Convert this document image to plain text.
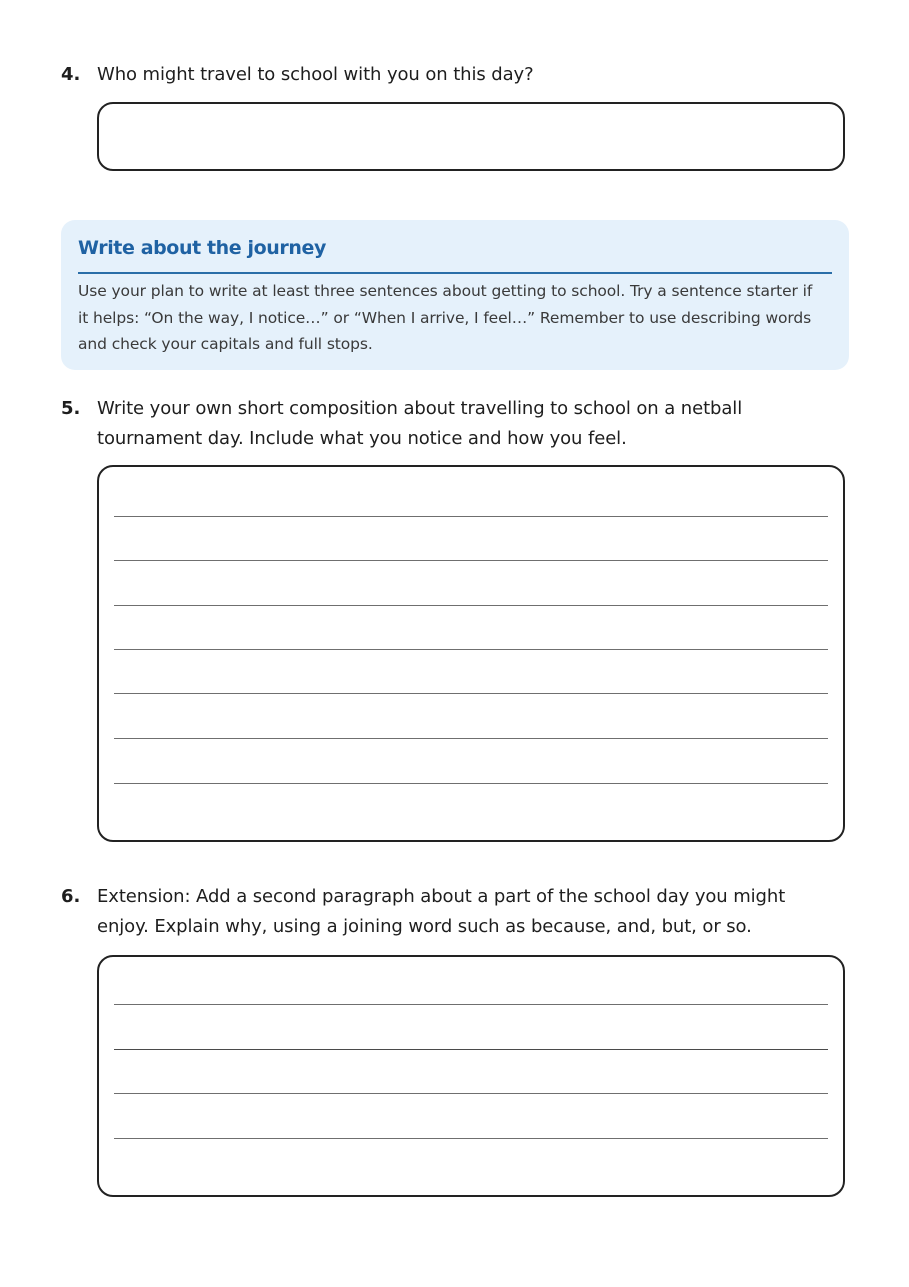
4. Who might travel to school with you on this day?
Write about the journey
Use your plan to write at least three sentences about getting to school. Try a sentence starter if it helps: “On the way, I notice…” or “When I arrive, I feel…” Remember to use describing words and check your capitals and full stops.
5. Write your own short composition about travelling to school on a netball tournament day. Include what you notice and how you feel.
6. Extension: Add a second paragraph about a part of the school day you might enjoy. Explain why, using a joining word such as because, and, but, or so.
